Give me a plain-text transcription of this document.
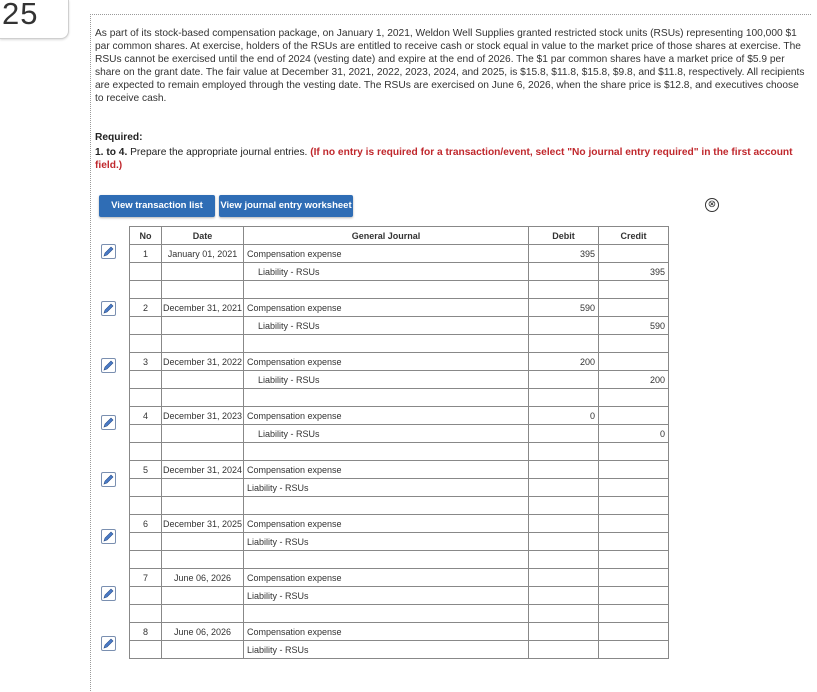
25

As part of its stock-based compensation package, on January 1, 2021, Weldon Well Supplies granted restricted stock units (RSUs) representing 100,000 $1 par common shares. At exercise, holders of the RSUs are entitled to receive cash or stock equal in value to the market price of those shares at exercise. The RSUs cannot be exercised until the end of 2024 (vesting date) and expire at the end of 2026. The $1 par common shares have a market price of $5.9 per share on the grant date. The fair value at December 31, 2021, 2022, 2023, 2024, and 2025, is $15.8, $11.8, $15.8, $9.8, and $11.8, respectively. All recipients are expected to remain employed through the vesting date. The RSUs are exercised on June 6, 2026, when the share price is $12.8, and executives choose to receive cash.

Required:

1. to 4. Prepare the appropriate journal entries. (If no entry is required for a transaction/event, select "No journal entry required" in the first account field.)

View transaction list	View journal entry worksheet	⊗
No	Date	General Journal	Debit	Credit
1	January 01, 2021	Compensation expense	395	
		Liability - RSUs		395

2	December 31, 2021	Compensation expense	590	

		Liability - RSUs		590

3	December 31, 2022	Compensation expense	200	

		Liability - RSUs		200

4	December 31, 2023	Compensation expense	0	

		Liability - RSUs		0

5	December 31, 2024	Compensation expense		

		Liability - RSUs		

6	December 31, 2025	Compensation expense		

		Liability - RSUs		

7	June 06, 2026	Compensation expense		
		Liability - RSUs		

8	June 06, 2026	Compensation expense		
		Liability - RSUs		
